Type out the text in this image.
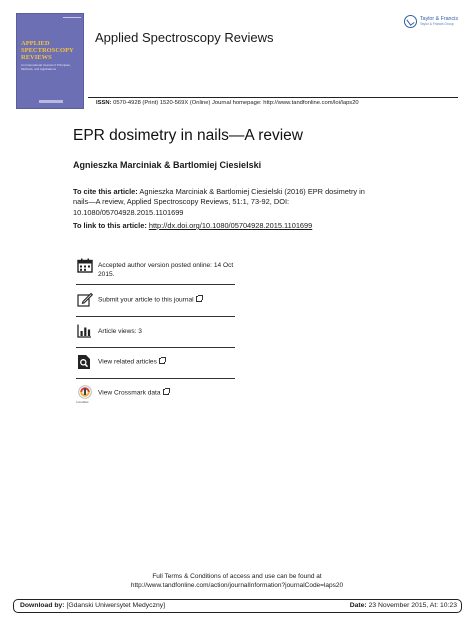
APPLIED SPECTROSCOPY REVIEWS
An International Journal of Principles, Methods, and Applications
Applied Spectroscopy Reviews
Taylor & Francis
Taylor & Francis Group
ISSN: 0570-4928 (Print) 1520-569X (Online) Journal homepage: http://www.tandfonline.com/loi/laps20
EPR dosimetry in nails—A review
Agnieszka Marciniak & Bartlomiej Ciesielski
To cite this article: Agnieszka Marciniak & Bartlomiej Ciesielski (2016) EPR dosimetry in nails—A review, Applied Spectroscopy Reviews, 51:1, 73-92, DOI: 10.1080/05704928.2015.1101699
To link to this article: http://dx.doi.org/10.1080/05704928.2015.1101699
Accepted author version posted online: 14 Oct 2015.
Submit your article to this journal
Article views: 3
View related articles
CrossMark
View Crossmark data
Full Terms & Conditions of access and use can be found at
http://www.tandfonline.com/action/journalInformation?journalCode=laps20
Download by: [Gdanski Uniwersytet Medyczny]	Date: 23 November 2015, At: 10:23
